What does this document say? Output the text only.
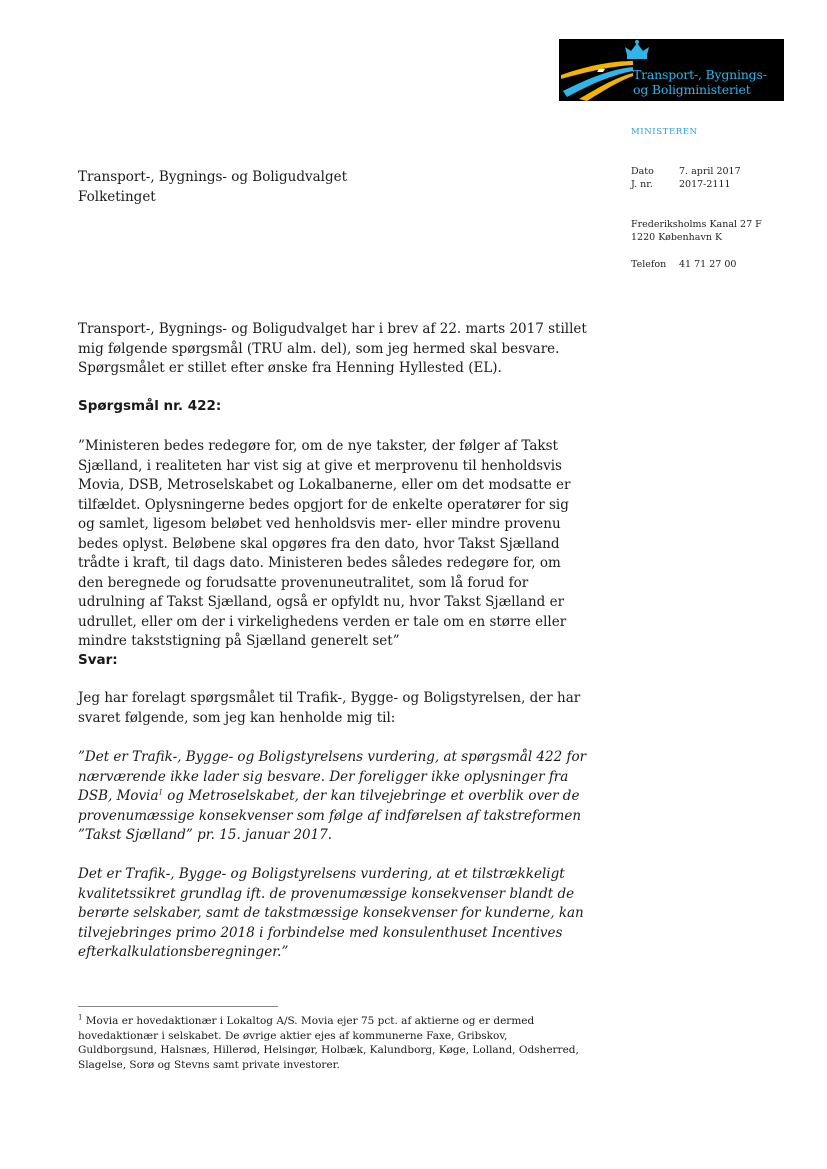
Transport-, Bygnings-
og Boligministeriet
MINISTEREN
Dato	7. april 2017
J. nr.	2017-2111
Frederiksholms Kanal 27 F
1220 København K
Telefon 41 71 27 00
Transport-, Bygnings- og Boligudvalget
Folketinget
Transport-, Bygnings- og Boligudvalget har i brev af 22. marts 2017 stillet mig følgende spørgsmål (TRU alm. del), som jeg hermed skal besvare. Spørgsmålet er stillet efter ønske fra Henning Hyllested (EL).
Spørgsmål nr. 422:
”Ministeren bedes redegøre for, om de nye takster, der følger af Takst Sjælland, i realiteten har vist sig at give et merprovenu til henholdsvis Movia, DSB, Metroselskabet og Lokalbanerne, eller om det modsatte er tilfældet. Oplysningerne bedes opgjort for de enkelte operatører for sig og samlet, ligesom beløbet ved henholdsvis mer- eller mindre provenu bedes oplyst. Beløbene skal opgøres fra den dato, hvor Takst Sjælland trådte i kraft, til dags dato. Ministeren bedes således redegøre for, om den beregnede og forudsatte provenuneutralitet, som lå forud for udrulning af Takst Sjælland, også er opfyldt nu, hvor Takst Sjælland er udrullet, eller om der i virkelighedens verden er tale om en større eller mindre takststigning på Sjælland generelt set”
Svar:
Jeg har forelagt spørgsmålet til Trafik-, Bygge- og Boligstyrelsen, der har svaret følgende, som jeg kan henholde mig til:
”Det er Trafik-, Bygge- og Boligstyrelsens vurdering, at spørgsmål 422 for nærværende ikke lader sig besvare. Der foreligger ikke oplysninger fra DSB, Movia$^1$ og Metroselskabet, der kan tilvejebringe et overblik over de provenumæssige konsekvenser som følge af indførelsen af takstreformen ”Takst Sjælland” pr. 15. januar 2017.
Det er Trafik-, Bygge- og Boligstyrelsens vurdering, at et tilstrækkeligt kvalitetssikret grundlag ift. de provenumæssige konsekvenser blandt de berørte selskaber, samt de takstmæssige konsekvenser for kunderne, kan tilvejebringes primo 2018 i forbindelse med konsulenthuset Incentives efterkalkulationsberegninger.”
$^1$ Movia er hovedaktionær i Lokaltog A/S. Movia ejer 75 pct. af aktierne og er dermed hovedaktionær i selskabet. De øvrige aktier ejes af kommunerne Faxe, Gribskov, Guldborgsund, Halsnæs, Hillerød, Helsingør, Holbæk, Kalundborg, Køge, Lolland, Odsherred, Slagelse, Sorø og Stevns samt private investorer.
